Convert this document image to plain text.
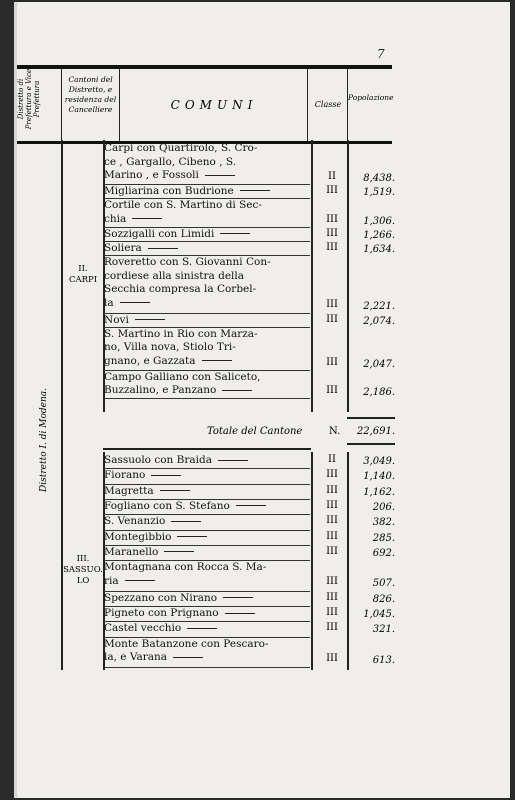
7
Distretto di Prefettura e Vice Prefettura
Cantoni del Distretto, e residenza del Cancelliere	COMUNI	Classe
Popolazione
Distretto I. di Modena.
II. CARPI
III. SASSUO. LO
Carpi con Quartirolo, S. Cro-
ce , Gargallo, Cibeno , S.
Marino , e Fossoli	II	8,438.
Migliarina con Budrione	III	1,519.
Cortile con S. Martino di Sec-
chia	III	1,306.
Sozzigalli con Limidi	III	1,266.
Soliera	III	1,634.
Roveretto con S. Giovanni Con-
cordiese alla sinistra della
Secchia compresa la Corbel-
la	III	2,221.
Novi	III	2,074.
S. Martino in Rio con Marza-
no, Villa nova, Stiolo Tri-
gnano, e Gazzata	III	2,047.
Campo Galliano con Saliceto,
Buzzalino, e Panzano	III	2,186.
Totale del Cantone	N.	22,691.
Sassuolo con Braida	II	3,049.
Fiorano	III	1,140.
Magretta	III	1,162.
Fogliano con S. Stefano	III	206.
S. Venanzio	III	382.
Montegibbio	III	285.
Maranello	III	692.
Montagnana con Rocca S. Ma-
ria	III	507.
Spezzano con Nirano	III	826.
Pigneto con Prignano	III	1,045.
Castel vecchio	III	321.
Monte Batanzone con Pescaro-
la, e Varana	III	613.
